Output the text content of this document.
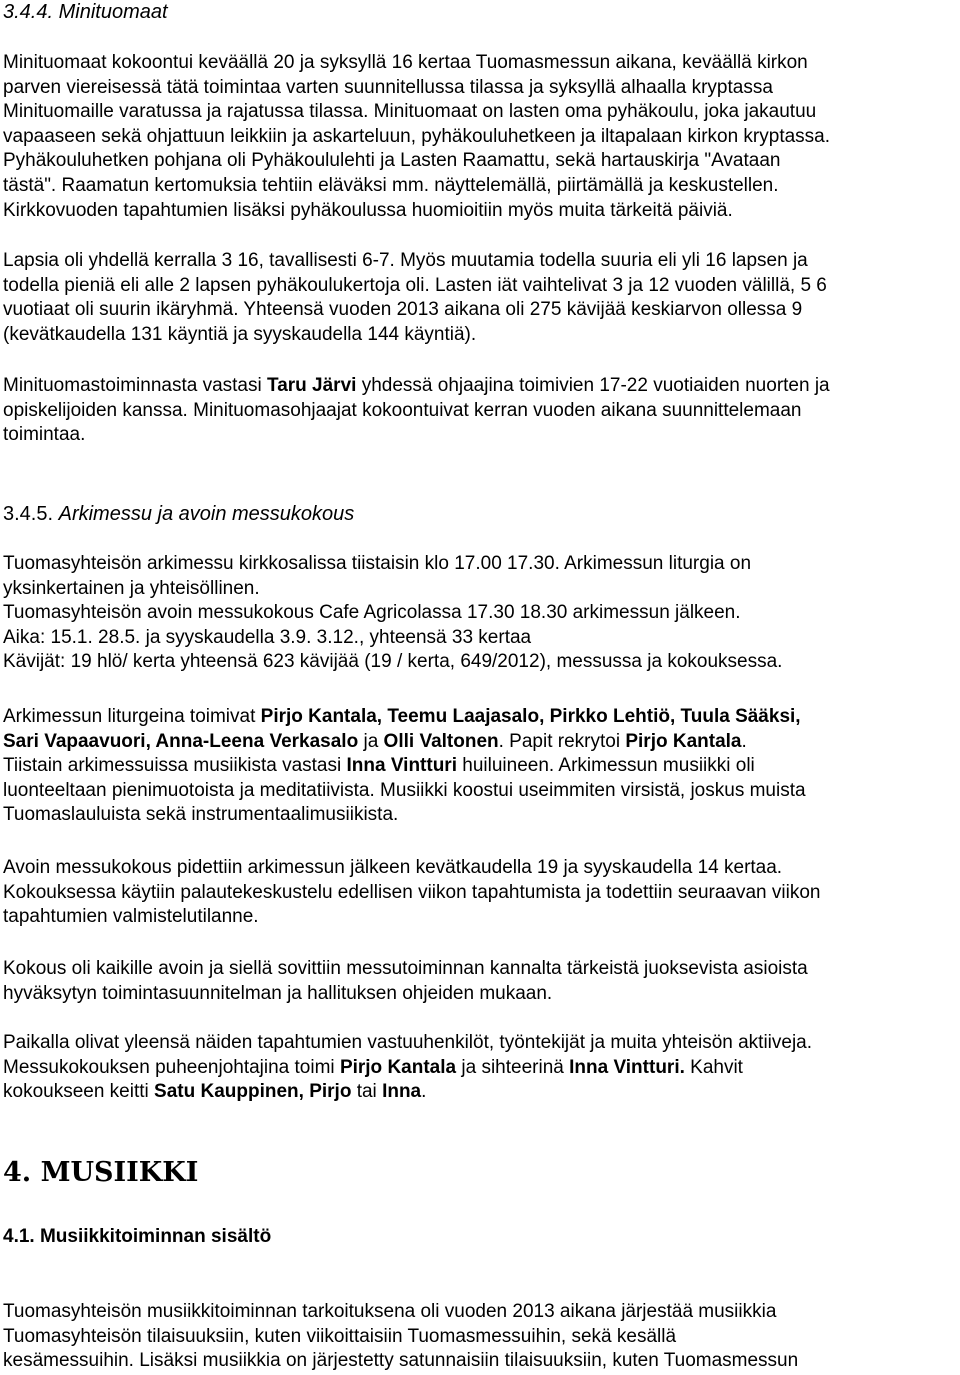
3.4.4. Minituomaat
Minituomaat kokoontui keväällä 20 ja syksyllä 16 kertaa Tuomasmessun aikana, keväällä kirkon
parven viereisessä tätä toimintaa varten suunnitellussa tilassa ja syksyllä alhaalla kryptassa
Minituomaille varatussa ja rajatussa tilassa. Minituomaat on lasten oma pyhäkoulu, joka jakautuu
vapaaseen sekä ohjattuun leikkiin ja askarteluun, pyhäkouluhetkeen ja iltapalaan kirkon kryptassa.
Pyhäkouluhetken pohjana oli Pyhäkoululehti ja Lasten Raamattu, sekä hartauskirja "Avataan
tästä". Raamatun kertomuksia tehtiin eläväksi mm. näyttelemällä, piirtämällä ja keskustellen.
Kirkkovuoden tapahtumien lisäksi pyhäkoulussa huomioitiin myös muita tärkeitä päiviä.
Lapsia oli yhdellä kerralla 3 16, tavallisesti 6-7. Myös muutamia todella suuria eli yli 16 lapsen ja
todella pieniä eli alle 2 lapsen pyhäkoulukertoja oli. Lasten iät vaihtelivat 3 ja 12 vuoden välillä, 5 6
vuotiaat oli suurin ikäryhmä. Yhteensä vuoden 2013 aikana oli 275 kävijää keskiarvon ollessa 9
(kevätkaudella 131 käyntiä ja syyskaudella 144 käyntiä).
Minituomastoiminnasta vastasi Taru Järvi yhdessä ohjaajina toimivien 17-22 vuotiaiden nuorten ja
opiskelijoiden kanssa. Minituomasohjaajat kokoontuivat kerran vuoden aikana suunnittelemaan
toimintaa.
3.4.5. Arkimessu ja avoin messukokous
Tuomasyhteisön arkimessu kirkkosalissa tiistaisin klo 17.00 17.30. Arkimessun liturgia on
yksinkertainen ja yhteisöllinen.
Tuomasyhteisön avoin messukokous Cafe Agricolassa 17.30 18.30 arkimessun jälkeen.
Aika: 15.1. 28.5. ja syyskaudella 3.9. 3.12., yhteensä 33 kertaa
Kävijät: 19 hlö/ kerta yhteensä 623 kävijää (19 / kerta, 649/2012), messussa ja kokouksessa.
Arkimessun liturgeina toimivat Pirjo Kantala, Teemu Laajasalo, Pirkko Lehtiö, Tuula Sääksi,
Sari Vapaavuori, Anna-Leena Verkasalo ja Olli Valtonen. Papit rekrytoi Pirjo Kantala.
Tiistain arkimessuissa musiikista vastasi Inna Vintturi huiluineen. Arkimessun musiikki oli
luonteeltaan pienimuotoista ja meditatiivista. Musiikki koostui useimmiten virsistä, joskus muista
Tuomaslauluista sekä instrumentaalimusiikista.
Avoin messukokous pidettiin arkimessun jälkeen kevätkaudella 19 ja syyskaudella 14 kertaa.
Kokouksessa käytiin palautekeskustelu edellisen viikon tapahtumista ja todettiin seuraavan viikon
tapahtumien valmistelutilanne.
Kokous oli kaikille avoin ja siellä sovittiin messutoiminnan kannalta tärkeistä juoksevista asioista
hyväksytyn toimintasuunnitelman ja hallituksen ohjeiden mukaan.
Paikalla olivat yleensä näiden tapahtumien vastuuhenkilöt, työntekijät ja muita yhteisön aktiiveja.
Messukokouksen puheenjohtajina toimi Pirjo Kantala ja sihteerinä Inna Vintturi. Kahvit
kokoukseen keitti Satu Kauppinen, Pirjo tai Inna.
4. MUSIIKKI
4.1. Musiikkitoiminnan sisältö
Tuomasyhteisön musiikkitoiminnan tarkoituksena oli vuoden 2013 aikana järjestää musiikkia
Tuomasyhteisön tilaisuuksiin, kuten viikoittaisiin Tuomasmessuihin, sekä kesällä
kesämessuihin. Lisäksi musiikkia on järjestetty satunnaisiin tilaisuuksiin, kuten Tuomasmessun
